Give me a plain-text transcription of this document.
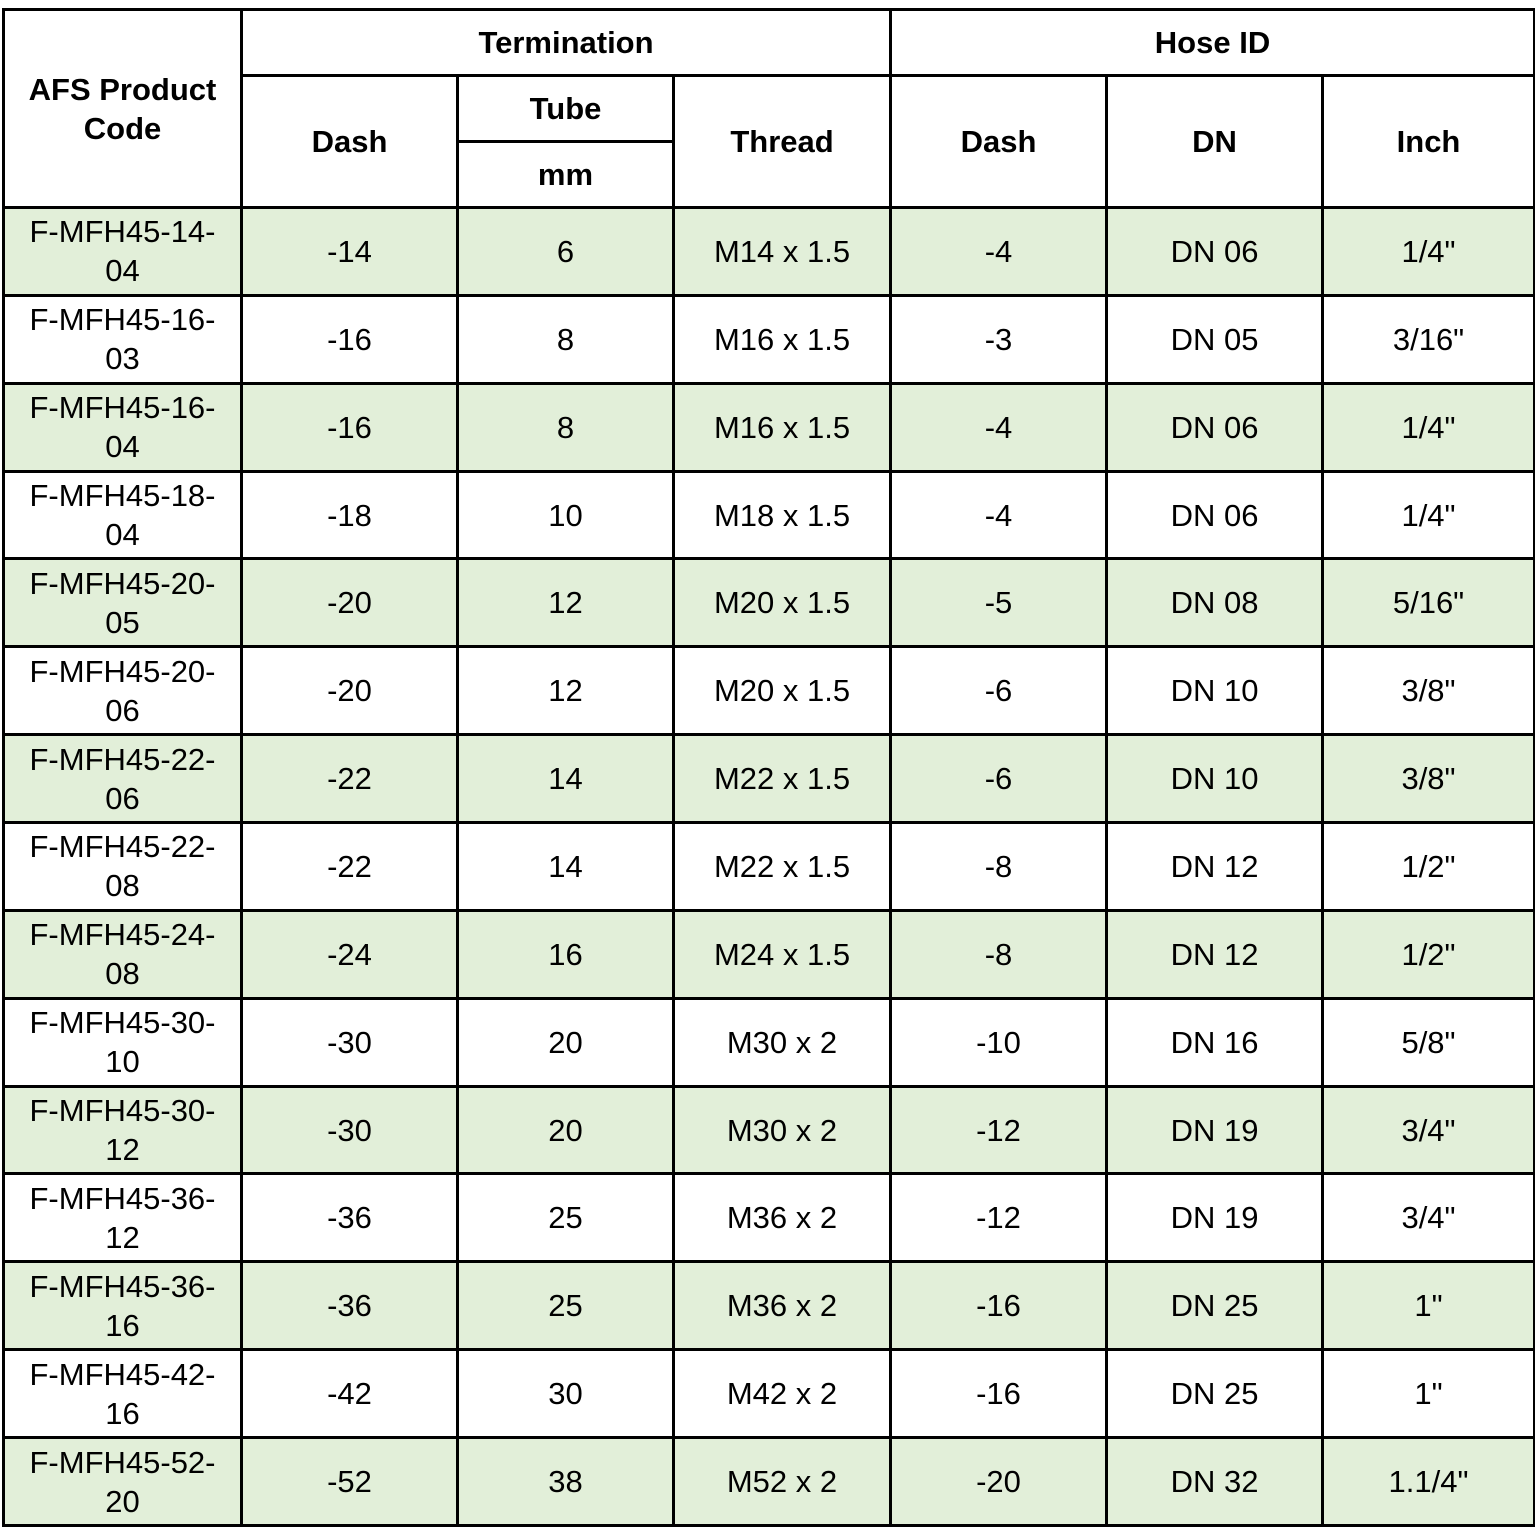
AFS Product Code	Termination			Hose ID		
	Dash	Tube	Thread	Dash	DN	Inch
		mm				
F-MFH45-14-
04	-14	6	M14 x 1.5	-4	DN 06	1/4"
F-MFH45-16-
03	-16	8	M16 x 1.5	-3	DN 05	3/16"
F-MFH45-16-
04	-16	8	M16 x 1.5	-4	DN 06	1/4"
F-MFH45-18-
04	-18	10	M18 x 1.5	-4	DN 06	1/4"
F-MFH45-20-
05	-20	12	M20 x 1.5	-5	DN 08	5/16"
F-MFH45-20-
06	-20	12	M20 x 1.5	-6	DN 10	3/8"
F-MFH45-22-
06	-22	14	M22 x 1.5	-6	DN 10	3/8"
F-MFH45-22-
08	-22	14	M22 x 1.5	-8	DN 12	1/2"
F-MFH45-24-
08	-24	16	M24 x 1.5	-8	DN 12	1/2"
F-MFH45-30-
10	-30	20	M30 x 2	-10	DN 16	5/8"
F-MFH45-30-
12	-30	20	M30 x 2	-12	DN 19	3/4"
F-MFH45-36-
12	-36	25	M36 x 2	-12	DN 19	3/4"
F-MFH45-36-
16	-36	25	M36 x 2	-16	DN 25	1"
F-MFH45-42-
16	-42	30	M42 x 2	-16	DN 25	1"
F-MFH45-52-
20	-52	38	M52 x 2	-20	DN 32	1.1/4"
